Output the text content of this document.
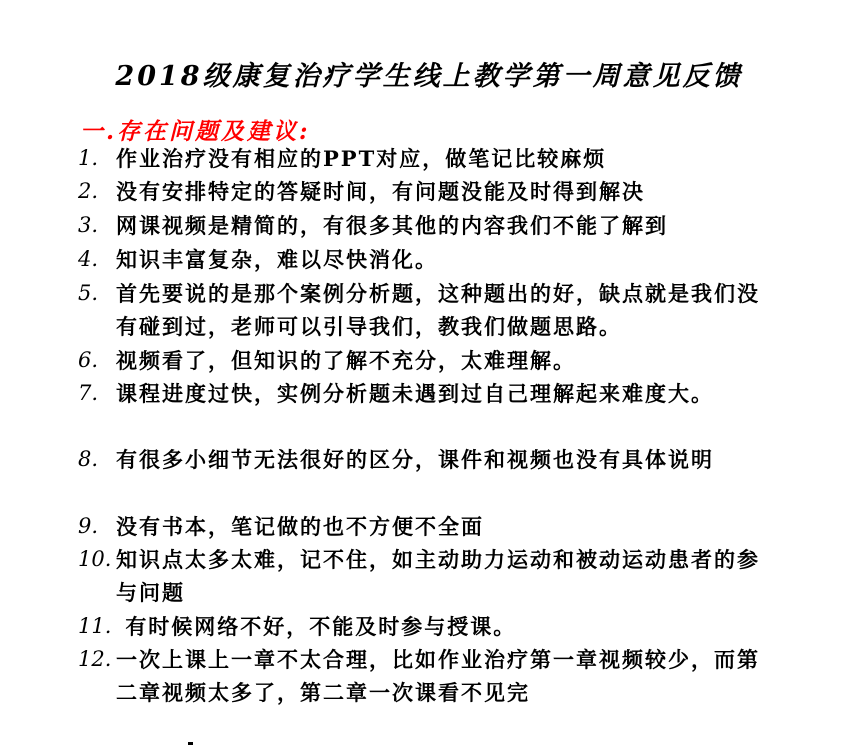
2018级康复治疗学生线上教学第一周意见反馈
一.存在问题及建议:
1. 作业治疗没有相应的PPT对应，做笔记比较麻烦
2. 没有安排特定的答疑时间，有问题没能及时得到解决
3. 网课视频是精简的，有很多其他的内容我们不能了解到
4. 知识丰富复杂，难以尽快消化。
5. 首先要说的是那个案例分析题，这种题出的好，缺点就是我们没有碰到过，老师可以引导我们，教我们做题思路。
6. 视频看了，但知识的了解不充分，太难理解。
7. 课程进度过快，实例分析题未遇到过自己理解起来难度大。
8. 有很多小细节无法很好的区分，课件和视频也没有具体说明
9. 没有书本，笔记做的也不方便不全面
10. 知识点太多太难，记不住，如主动助力运动和被动运动患者的参与问题
11. 有时候网络不好，不能及时参与授课。
12. 一次上课上一章不太合理，比如作业治疗第一章视频较少，而第二章视频太多了，第二章一次课看不见完
